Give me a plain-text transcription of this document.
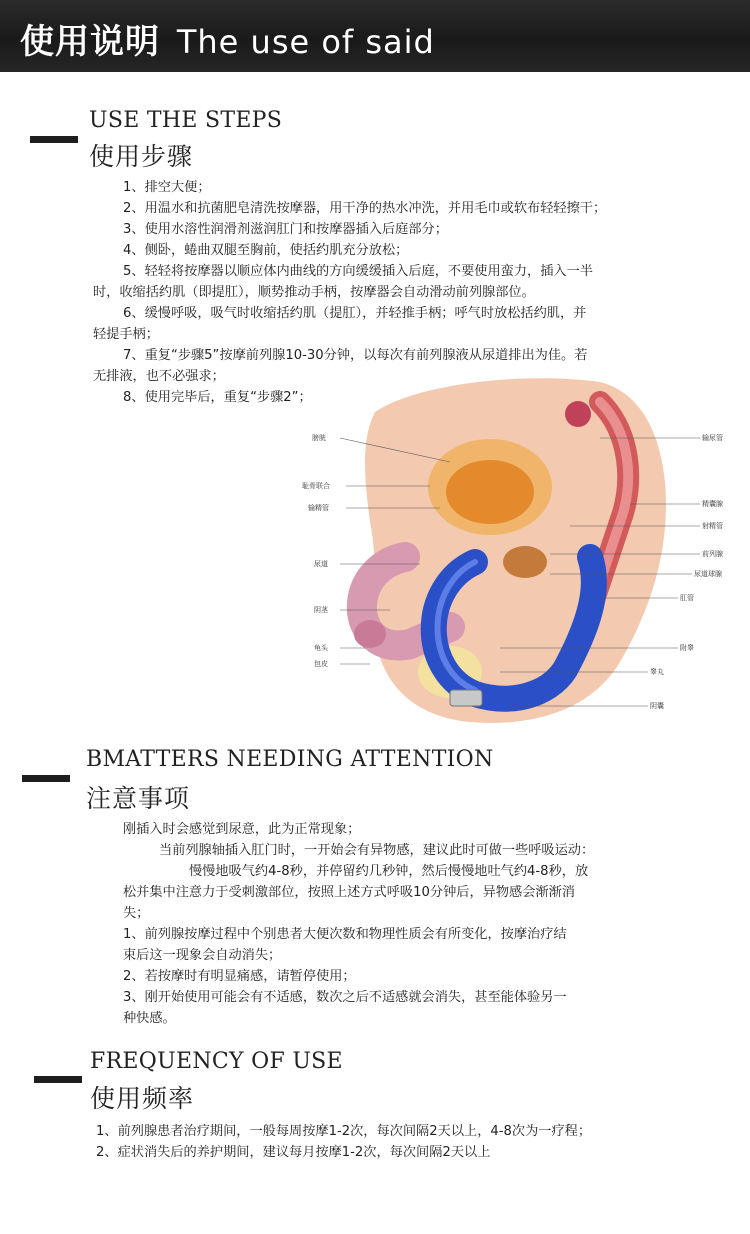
使用说明 The use of said
USE THE STEPS
使用步骤

1、排空大便；

2、用温水和抗菌肥皂清洗按摩器，用干净的热水冲洗，并用毛巾或软布轻轻擦干；

3、使用水溶性润滑剂滋润肛门和按摩器插入后庭部分；

4、侧卧，蜷曲双腿至胸前，使括约肌充分放松；

5、轻轻将按摩器以顺应体内曲线的方向缓缓插入后庭，不要使用蛮力，插入一半

时，收缩括约肌（即提肛），顺势推动手柄，按摩器会自动滑动前列腺部位。

6、缓慢呼吸，吸气时收缩括约肌（提肛），并轻推手柄；呼气时放松括约肌，并

轻提手柄；

7、重复“步骤5”按摩前列腺10-30分钟，以每次有前列腺液从尿道排出为佳。若

无排液，也不必强求；

8、使用完毕后，重复“步骤2”；

膀胱
耻骨联合
输精管
尿道
阴茎
龟头
包皮
输尿管
精囊腺
射精管
前列腺
尿道球腺
肛管
附睾
睾丸
阴囊
BMATTERS NEEDING ATTENTION
注意事项

刚插入时会感觉到尿意，此为正常现象；

当前列腺轴插入肛门时，一开始会有异物感，建议此时可做一些呼吸运动：

慢慢地吸气约4-8秒，并停留约几秒钟，然后慢慢地吐气约4-8秒，放

松并集中注意力于受刺激部位，按照上述方式呼吸10分钟后，异物感会渐渐消

失；

1、前列腺按摩过程中个别患者大便次数和物理性质会有所变化，按摩治疗结

束后这一现象会自动消失；

2、若按摩时有明显痛感，请暂停使用；

3、刚开始使用可能会有不适感，数次之后不适感就会消失，甚至能体验另一

种快感。

FREQUENCY OF USE
使用频率

1、前列腺患者治疗期间，一般每周按摩1-2次，每次间隔2天以上，4-8次为一疗程；

2、症状消失后的养护期间，建议每月按摩1-2次，每次间隔2天以上
